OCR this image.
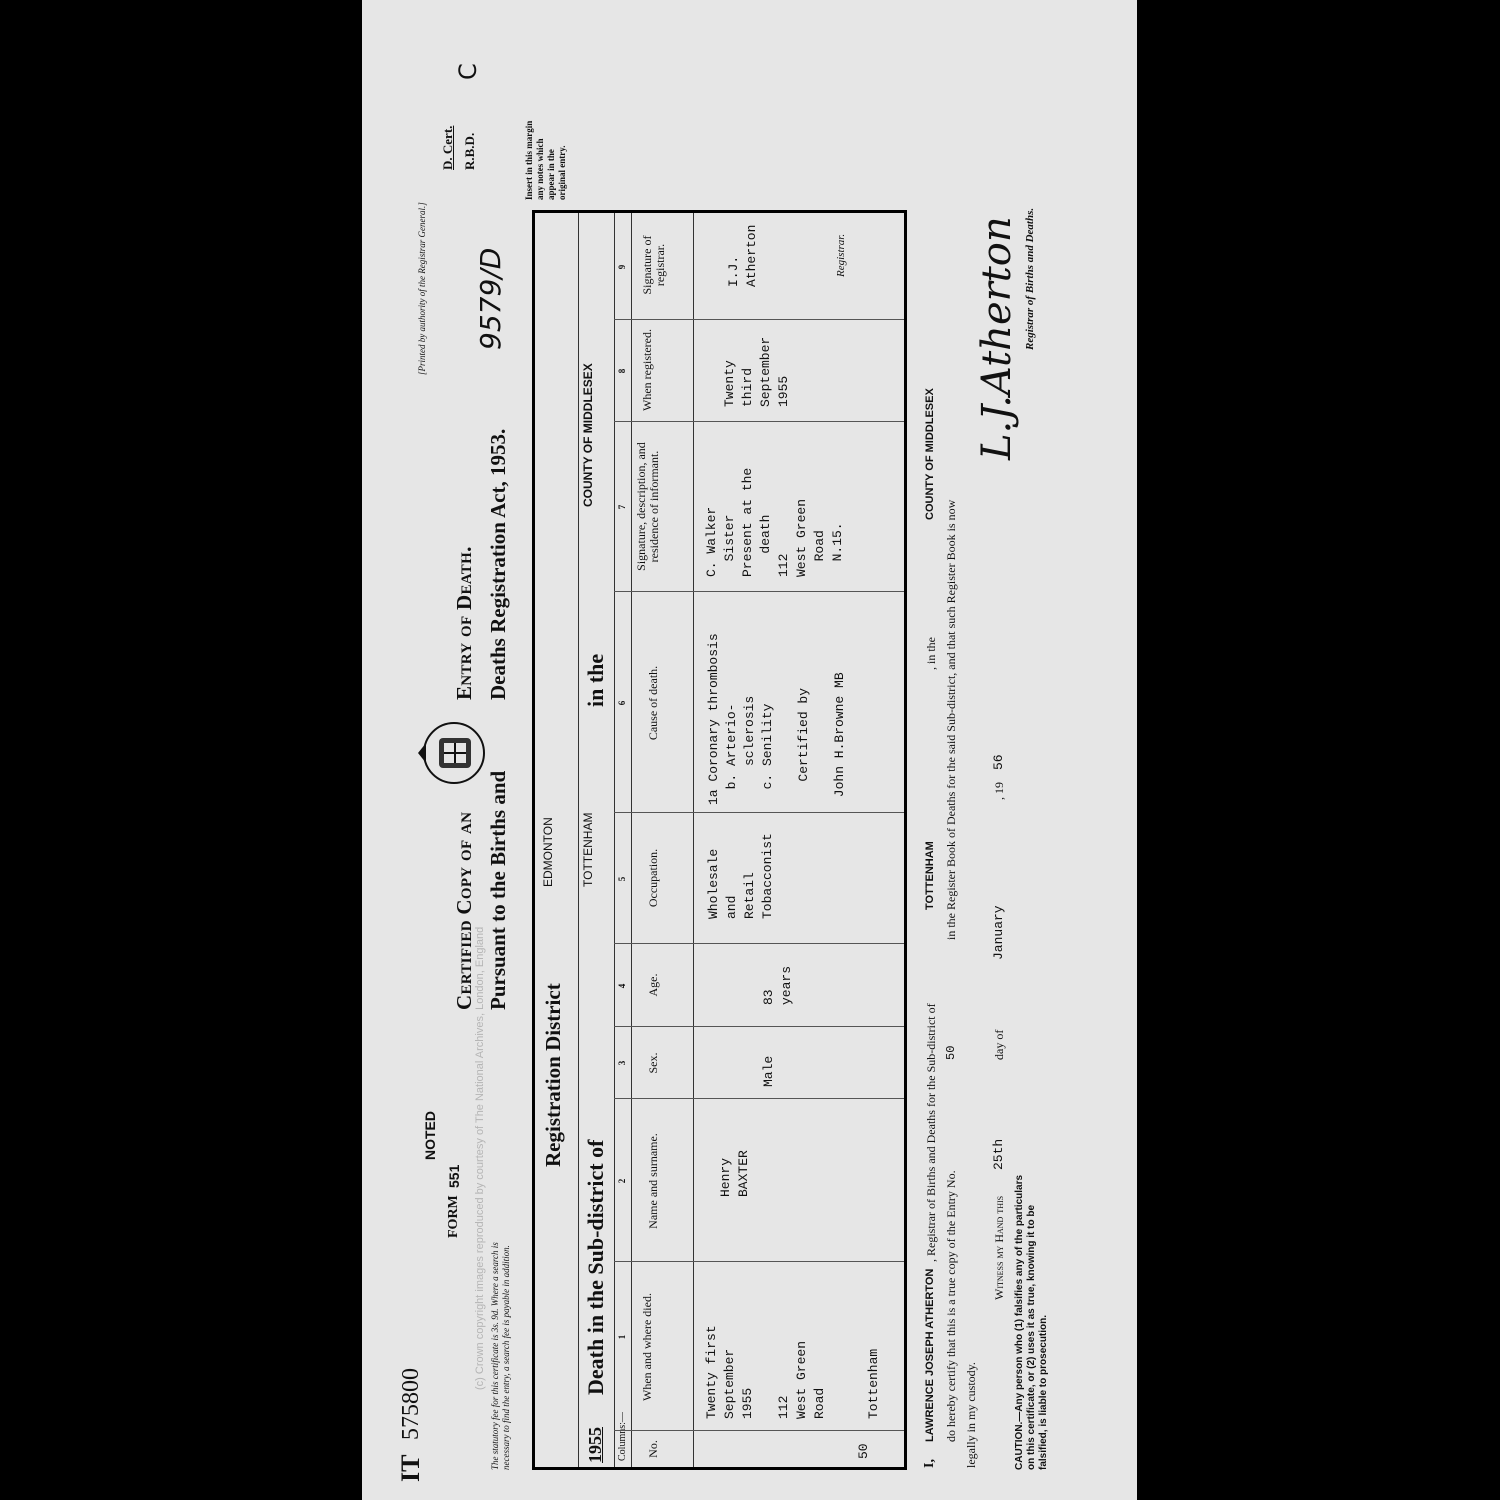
IT
575800
FORM
551
NOTED
The statutory fee for this certificate is 3s. 9d. Where a search is necessary to find the entry, a search fee is payable in addition.
Certified Copy of an
Entry of Death.
Pursuant to the Births and
Deaths Registration Act, 1953.
[Printed by authority of the Registrar General.] 9579/D
D. Cert. R.B.D.
C
Insert in this margin any notes which appear in the original entry.
Registration District
EDMONTON
1955
Death in the Sub-district of
TOTTENHAM
in the
COUNTY OF MIDDLESEX
Columns:—
1
2
3
4
5
6
7
8
9
No.
When and where died.
Name and surname.
Sex.
Age.
Occupation.
Cause of death.
Signature, description, and residence of informant.
When registered.
Signature of registrar.
50
Twenty first
September
1955

112
West Green
Road

Tottenham
Henry
BAXTER
Male
83
years
Wholesale
and
Retail
Tobacconist
1a Coronary thrombosis
b. Arterio-
sclerosis
c. Senility

Certified by

John H.Browne MB
C. Walker
Sister
Present at the
death
112
West Green
Road
N.15.
Twenty
third
September
1955
I.J.
Atherton	Registrar.
I,
LAWRENCE JOSEPH ATHERTON
, Registrar of Births and Deaths for the Sub-district of
TOTTENHAM
, in the
COUNTY OF MIDDLESEX
do hereby certify that this is a true copy of the Entry No.
50
in the Register Book of Deaths for the said Sub-district, and that such Register Book is now
legally in my custody.
Witness my Hand this
25th
day of
January
, 19
56
L.J.Atherton Registrar of Births and Deaths.
CAUTION.—Any person who (1) falsifies any of the particulars on this certificate, or (2) uses it as true, knowing it to be falsified, is liable to prosecution.
(c) Crown copyright images reproduced by courtesy of The National Archives, London, England
